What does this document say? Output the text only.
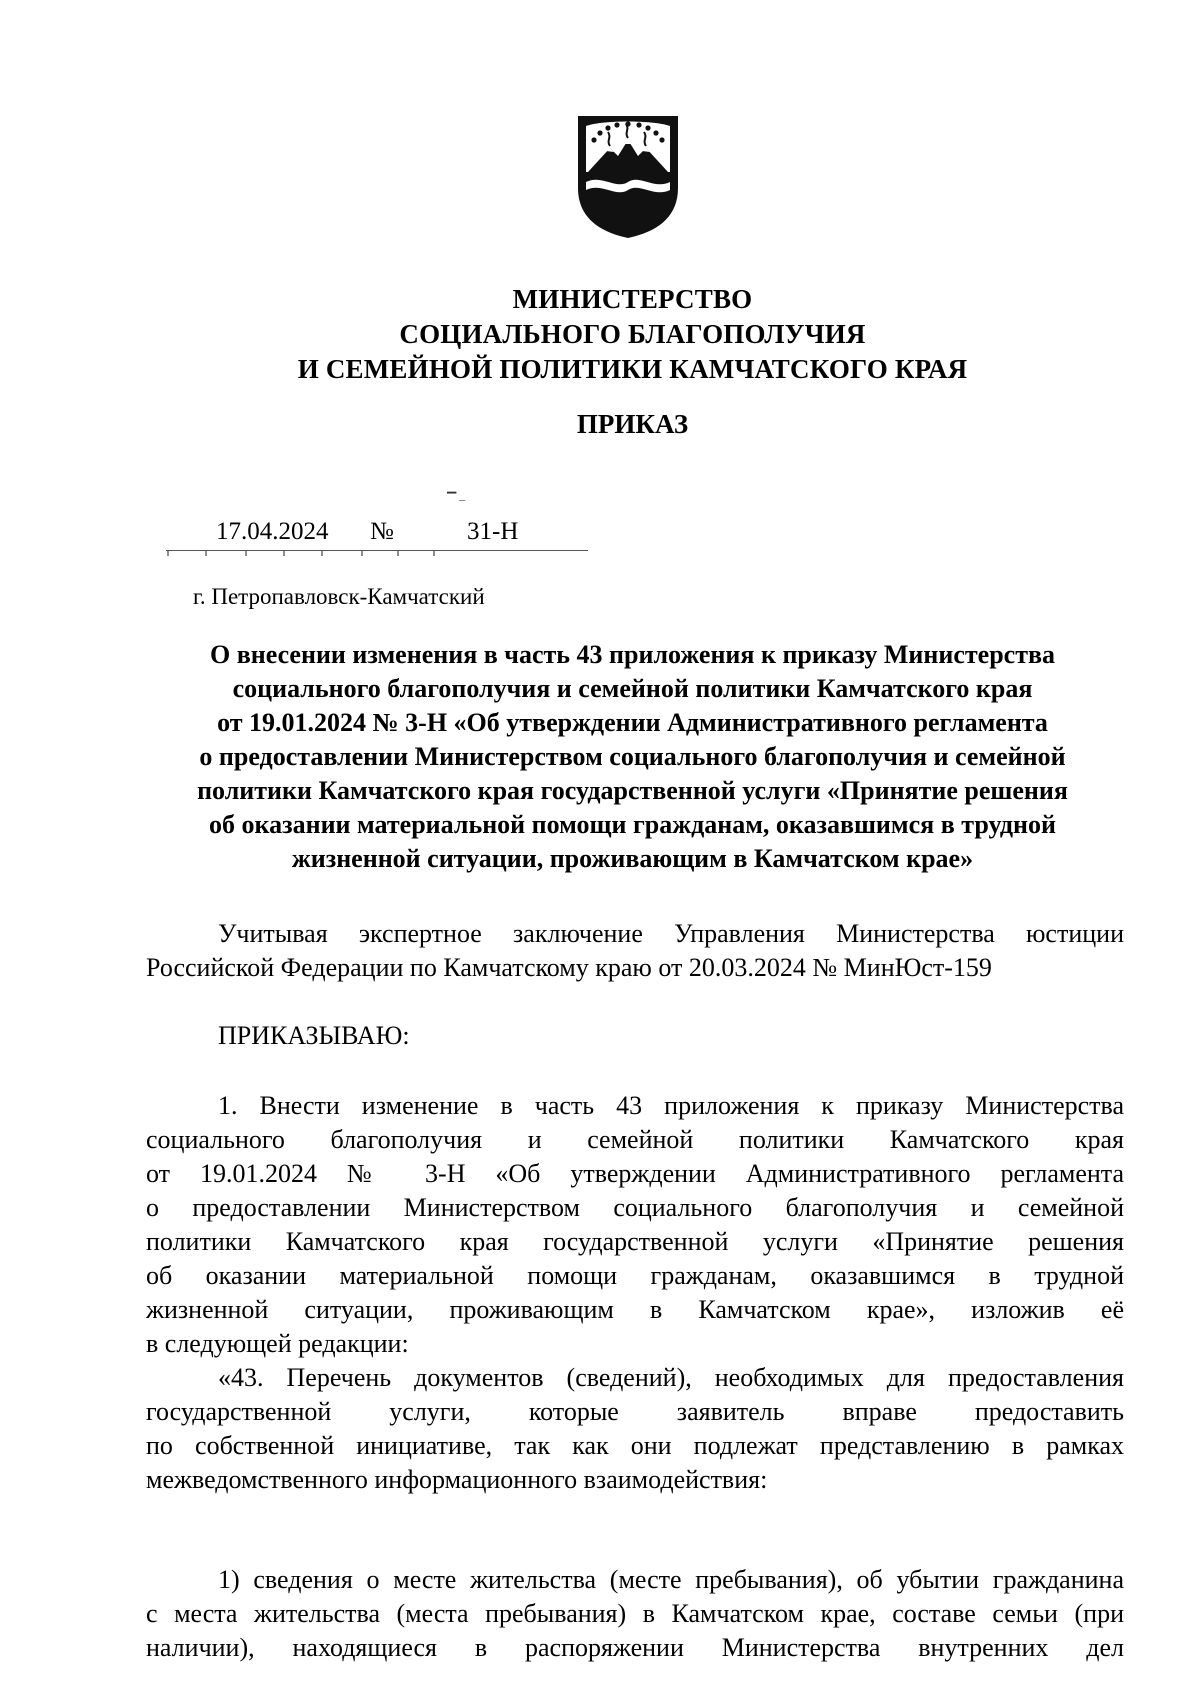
МИНИСТЕРСТВО
СОЦИАЛЬНОГО БЛАГОПОЛУЧИЯ
И СЕМЕЙНОЙ ПОЛИТИКИ КАМЧАТСКОГО КРАЯ
ПРИКАЗ
▔ ‒
17.04.2024 №	31-Н
г. Петропавловск-Камчатский
О внесении изменения в часть 43 приложения к приказу Министерства
социального благополучия и семейной политики Камчатского края
от 19.01.2024 № 3-Н «Об утверждении Административного регламента
о предоставлении Министерством социального благополучия и семейной
политики Камчатского края государственной услуги «Принятие решения
об оказании материальной помощи гражданам, оказавшимся в трудной
жизненной ситуации, проживающим в Камчатском крае»
Учитывая экспертное заключение Управления Министерства юстиции
Российской Федерации по Камчатскому краю от 20.03.2024 № МинЮст-159
ПРИКАЗЫВАЮ:
1. Внести изменение в часть 43 приложения к приказу Министерства
социального благополучия и семейной политики Камчатского края
от 19.01.2024 № 3-Н «Об утверждении Административного регламента
о предоставлении Министерством социального благополучия и семейной
политики Камчатского края государственной услуги «Принятие решения
об оказании материальной помощи гражданам, оказавшимся в трудной
жизненной ситуации, проживающим в Камчатском крае», изложив её
в следующей редакции:
«43. Перечень документов (сведений), необходимых для предоставления
государственной услуги, которые заявитель вправе предоставить
по собственной инициативе, так как они подлежат представлению в рамках
межведомственного информационного взаимодействия:
1) сведения о месте жительства (месте пребывания), об убытии гражданина
с места жительства (места пребывания) в Камчатском крае, составе семьи (при
наличии), находящиеся в распоряжении Министерства внутренних дел
